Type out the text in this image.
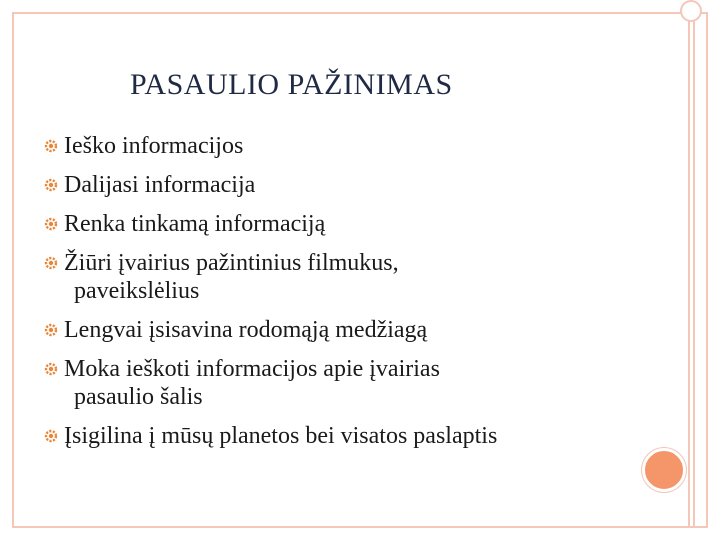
PASAULIO PAŽINIMAS
Ieško informacijos
Dalijasi informacija
Renka tinkamą informaciją
Žiūri įvairius pažintinius filmukus,
paveikslėlius
Lengvai įsisavina rodomąją medžiagą
Moka ieškoti informacijos apie įvairias
pasaulio šalis
Įsigilina į mūsų planetos bei visatos paslaptis
